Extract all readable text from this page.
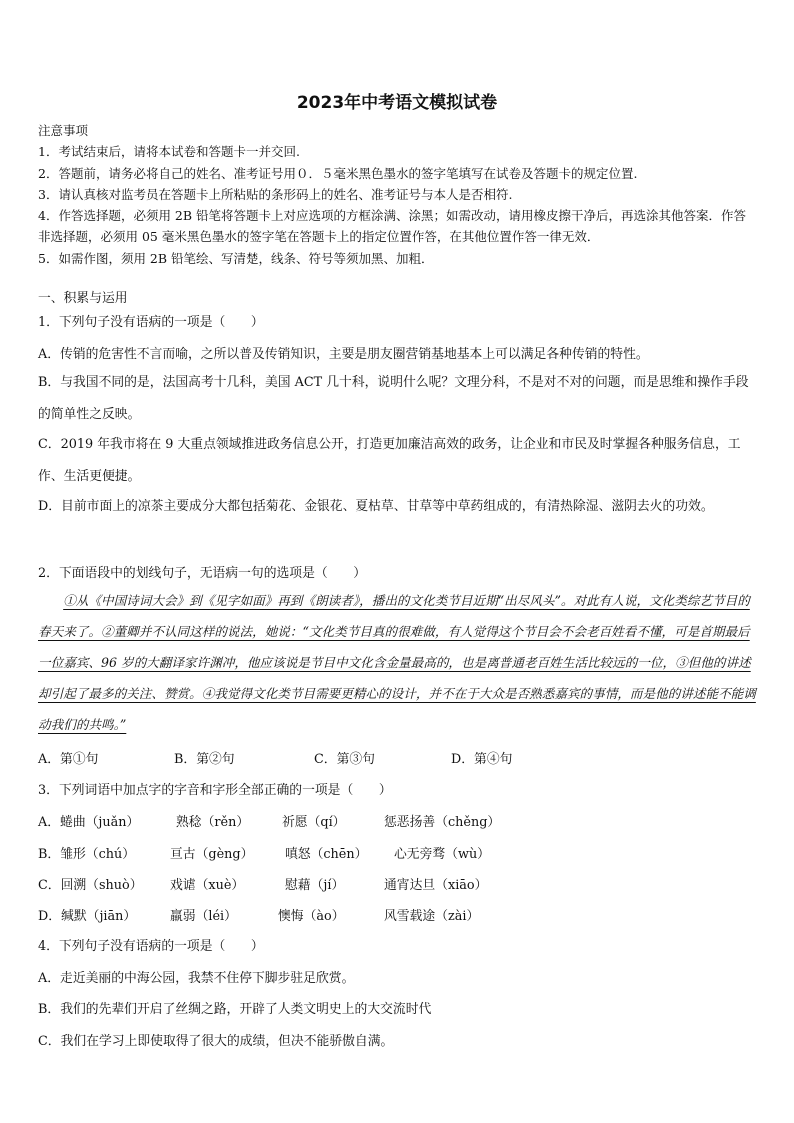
2023年中考语文模拟试卷

注意事项

1．考试结束后，请将本试卷和答题卡一并交回.

2．答题前，请务必将自己的姓名、准考证号用０．５毫米黑色墨水的签字笔填写在试卷及答题卡的规定位置.

3．请认真核对监考员在答题卡上所粘贴的条形码上的姓名、准考证号与本人是否相符.

4．作答选择题，必须用 2B 铅笔将答题卡上对应选项的方框涂满、涂黑；如需改动，请用橡皮擦干净后，再选涂其他答案．作答非选择题，必须用 05 毫米黑色墨水的签字笔在答题卡上的指定位置作答，在其他位置作答一律无效．

5．如需作图，须用 2B 铅笔绘、写清楚，线条、符号等须加黑、加粗．

一、积累与运用

1．下列句子没有语病的一项是（　　）

A．传销的危害性不言而喻，之所以普及传销知识，主要是朋友圈营销基地基本上可以满足各种传销的特性。

B．与我国不同的是，法国高考十几科，美国 ACT 几十科，说明什么呢？文理分科，不是对不对的问题，而是思维和操作手段的简单性之反映。

C．2019 年我市将在 9 大重点领域推进政务信息公开，打造更加廉洁高效的政务，让企业和市民及时掌握各种服务信息，工作、生活更便捷。

D．目前市面上的凉茶主要成分大都包括菊花、金银花、夏枯草、甘草等中草药组成的，有清热除湿、滋阴去火的功效。

2．下面语段中的划线句子，无语病一句的选项是（　　）

①从《中国诗词大会》到《见字如面》再到《朗读者》，播出的文化类节目近期“出尽风头”。对此有人说，文化类综艺节目的春天来了。②董卿并不认同这样的说法，她说：“文化类节目真的很难做，有人觉得这个节目会不会老百姓看不懂，可是首期最后一位嘉宾、96 岁的大翻译家许渊冲，他应该说是节目中文化含金量最高的，也是离普通老百姓生活比较远的一位，③但他的讲述却引起了最多的关注、赞赏。④我觉得文化类节目需要更精心的设计，并不在于大众是否熟悉嘉宾的事情，而是他的讲述能不能调动我们的共鸣。”

A．第①句	B．第②句	C．第③句	D．第④句

3．下列词语中加点字的字音和字形全部正确的一项是（　　）

A．蜷曲（juǎn）	熟稔（rěn）	祈愿（qí）	惩恶扬善（chěng）
B．雏形（chú）	亘古（gèng） 嗔怒（chēn） 心无旁骛（wù）
C．回溯（shuò） 戏谑（xuè）	慰藉（jí）	通宵达旦（xiāo）
D．缄默（jiān）	羸弱（léi）	懊悔（ào）	风雪载途（zài）

4．下列句子没有语病的一项是（　　）

A．走近美丽的中海公园，我禁不住停下脚步驻足欣赏。

B．我们的先辈们开启了丝绸之路，开辟了人类文明史上的大交流时代

C．我们在学习上即使取得了很大的成绩，但决不能骄傲自满。
